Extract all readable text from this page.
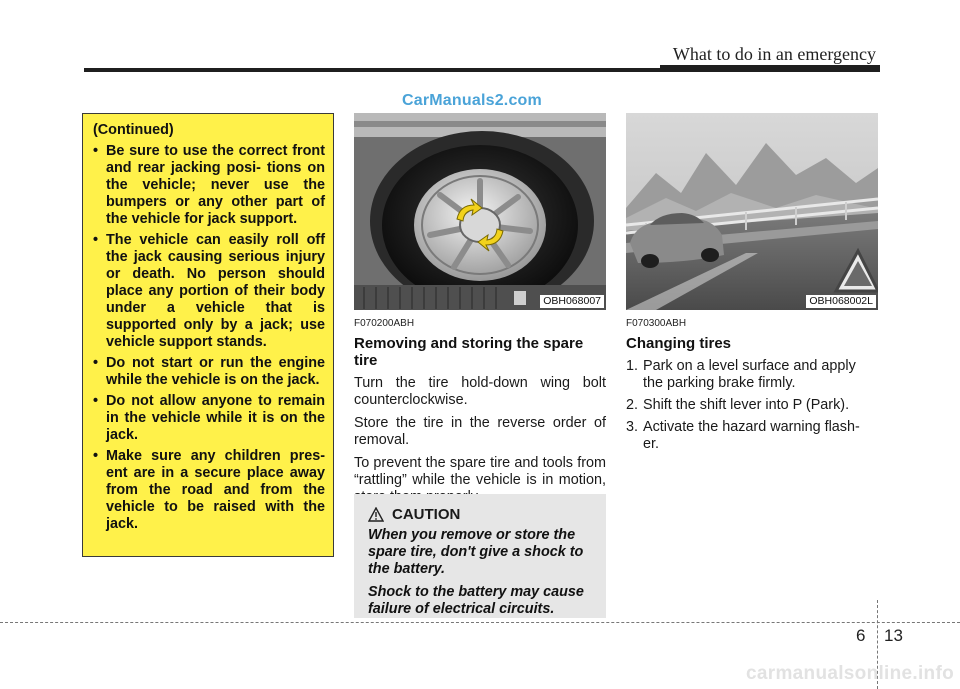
What to do in an emergency
CarManuals2.com
(Continued)
• Be sure to use the correct front and rear jacking posi- tions on the vehicle; never use the bumpers or any other part of the vehicle for jack support.
• The vehicle can easily roll off the jack causing serious injury or death. No person should place any portion of their body under a vehicle that is supported only by a jack; use vehicle support stands.
• Do not start or run the engine while the vehicle is on the jack.
• Do not allow anyone to remain in the vehicle while it is on the jack.
• Make sure any children pres- ent are in a secure place away from the road and from the vehicle to be raised with the jack.
OBH068007	OBH068002L
F070200ABH
Removing and storing the spare tire

Turn the tire hold-down wing bolt counterclockwise.

Store the tire in the reverse order of removal.

To prevent the spare tire and tools from “rattling” while the vehicle is in motion,

CAUTION

When you remove or store the spare tire, don't give a shock to the battery.

Shock to the battery may cause failure of electrical circuits.

F070300ABH
Changing tires
1. Park on a level surface and apply the parking brake firmly.
2. Shift the shift lever into P (Park).
3. Activate the hazard warning flash- er.
6 13
carmanualsonline.info
